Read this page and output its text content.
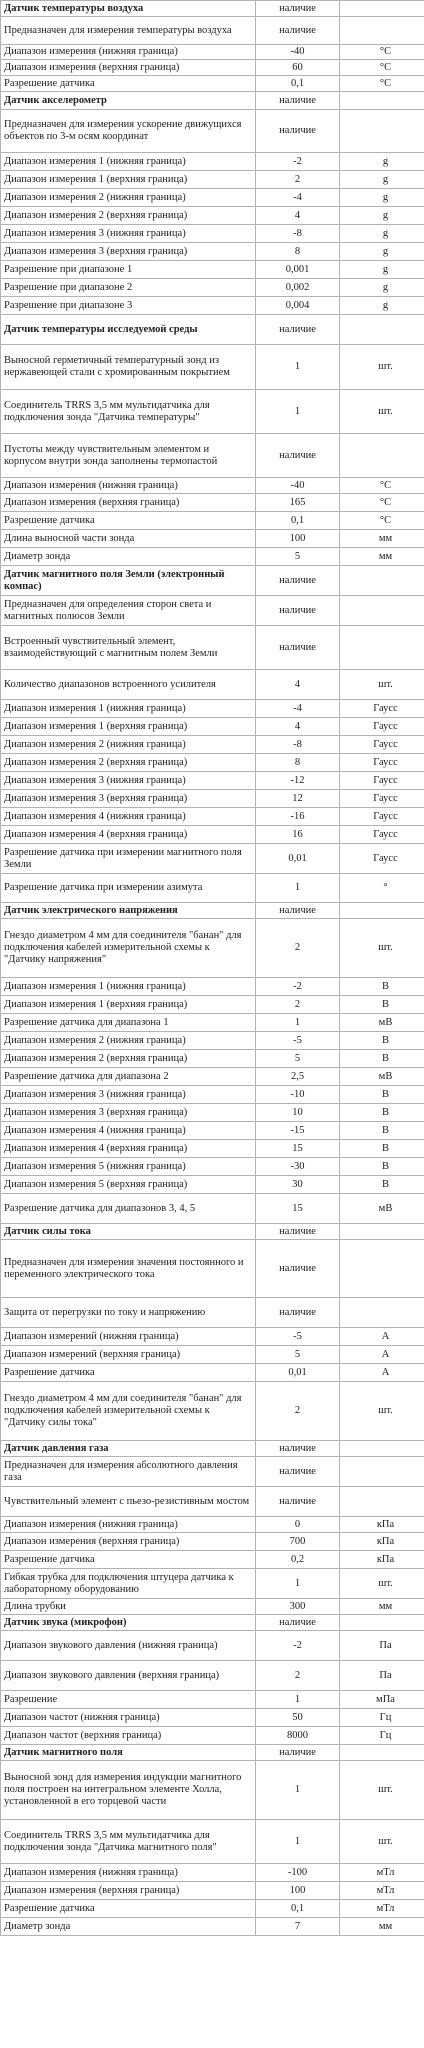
Датчик температуры воздуха	наличие	
Предназначен для измерения температуры воздуха	наличие	
Диапазон измерения (нижняя граница)	-40	°C
Диапазон измерения (верхняя граница)	60	°C
Разрешение датчика	0,1	°C
Датчик акселерометр	наличие	
Предназначен для измерения ускорение движущихся объектов по 3-м осям координат	наличие	
Диапазон измерения 1 (нижняя граница)	-2	g
Диапазон измерения 1 (верхняя граница)	2	g
Диапазон измерения 2 (нижняя граница)	-4	g
Диапазон измерения 2 (верхняя граница)	4	g
Диапазон измерения 3 (нижняя граница)	-8	g
Диапазон измерения 3 (верхняя граница)	8	g
Разрешение при диапазоне 1	0,001	g
Разрешение при диапазоне 2	0,002	g
Разрешение при диапазоне 3	0,004	g
Датчик температуры исследуемой среды	наличие	
Выносной герметичный температурный зонд из нержавеющей стали с хромированным покрытием	1	шт.
Соединитель TRRS 3,5 мм мультидатчика для подключения зонда "Датчика температуры"	1	шт.
Пустоты между чувствительным элементом и корпусом внутри зонда заполнены термопастой	наличие	
Диапазон измерения (нижняя граница)	-40	°C
Диапазон измерения (верхняя граница)	165	°C
Разрешение датчика	0,1	°C
Длина выносной части зонда	100	мм
Диаметр зонда	5	мм
Датчик магнитного поля Земли (электронный компас)	наличие	
Предназначен для определения сторон света и магнитных полюсов Земли	наличие	
Встроенный чувствительный элемент, взаимодействующий с магнитным полем Земли	наличие	
Количество диапазонов встроенного усилителя	4	шт.
Диапазон измерения 1 (нижняя граница)	-4	Гаусс
Диапазон измерения 1 (верхняя граница)	4	Гаусс
Диапазон измерения 2 (нижняя граница)	-8	Гаусс
Диапазон измерения 2 (верхняя граница)	8	Гаусс
Диапазон измерения 3 (нижняя граница)	-12	Гаусс
Диапазон измерения 3 (верхняя граница)	12	Гаусс
Диапазон измерения 4 (нижняя граница)	-16	Гаусс
Диапазон измерения 4 (верхняя граница)	16	Гаусс
Разрешение датчика при измерении магнитного поля Земли	0,01	Гаусс
Разрешение датчика при измерении азимута	1	°
Датчик электрического напряжения	наличие	
Гнездо диаметром 4 мм для соединителя "банан" для подключения кабелей измерительной схемы к "Датчику напряжения"	2	шт.
Диапазон измерения 1 (нижняя граница)	-2	В
Диапазон измерения 1 (верхняя граница)	2	В
Разрешение датчика для диапазона 1	1	мВ
Диапазон измерения 2 (нижняя граница)	-5	В
Диапазон измерения 2 (верхняя граница)	5	В
Разрешение датчика для диапазона 2	2,5	мВ
Диапазон измерения 3 (нижняя граница)	-10	В
Диапазон измерения 3 (верхняя граница)	10	В
Диапазон измерения 4 (нижняя граница)	-15	В
Диапазон измерения 4 (верхняя граница)	15	В
Диапазон измерения 5 (нижняя граница)	-30	В
Диапазон измерения 5 (верхняя граница)	30	В
Разрешение датчика для диапазонов 3, 4, 5	15	мВ
Датчик силы тока	наличие	
Предназначен для измерения значения постоянного и переменного электрического тока	наличие	
Защита от перегрузки по току и напряжению	наличие	
Диапазон измерений (нижняя граница)	-5	А
Диапазон измерений (верхняя граница)	5	А
Разрешение датчика	0,01	А
Гнездо диаметром 4 мм для соединителя "банан" для подключения кабелей измерительной схемы к "Датчику силы тока"	2	шт.
Датчик давления газа	наличие	
Предназначен для измерения абсолютного давления газа	наличие	
Чувствительный элемент с пьезо-резистивным мостом	наличие	
Диапазон измерения (нижняя граница)	0	кПа
Диапазон измерения (верхняя граница)	700	кПа
Разрешение датчика	0,2	кПа
Гибкая трубка для подключения штуцера датчика к лабораторному оборудованию	1	шт.
Длина трубки	300	мм
Датчик звука (микрофон)	наличие	
Диапазон звукового давления (нижняя граница)	-2	Па
Диапазон звукового давления (верхняя граница)	2	Па
Разрешение	1	мПа
Диапазон частот (нижняя граница)	50	Гц
Диапазон частот (верхняя граница)	8000	Гц
Датчик магнитного поля	наличие	
Выносной зонд для измерения индукции магнитного поля построен на интегральном элементе Холла, установленной в его торцевой части	1	шт.
Соединитель TRRS 3,5 мм мультидатчика для подключения зонда "Датчика магнитного поля"	1	шт.
Диапазон измерения (нижняя граница)	-100	мТл
Диапазон измерения (верхняя граница)	100	мТл
Разрешение датчика	0,1	мТл
Диаметр зонда	7	мм
